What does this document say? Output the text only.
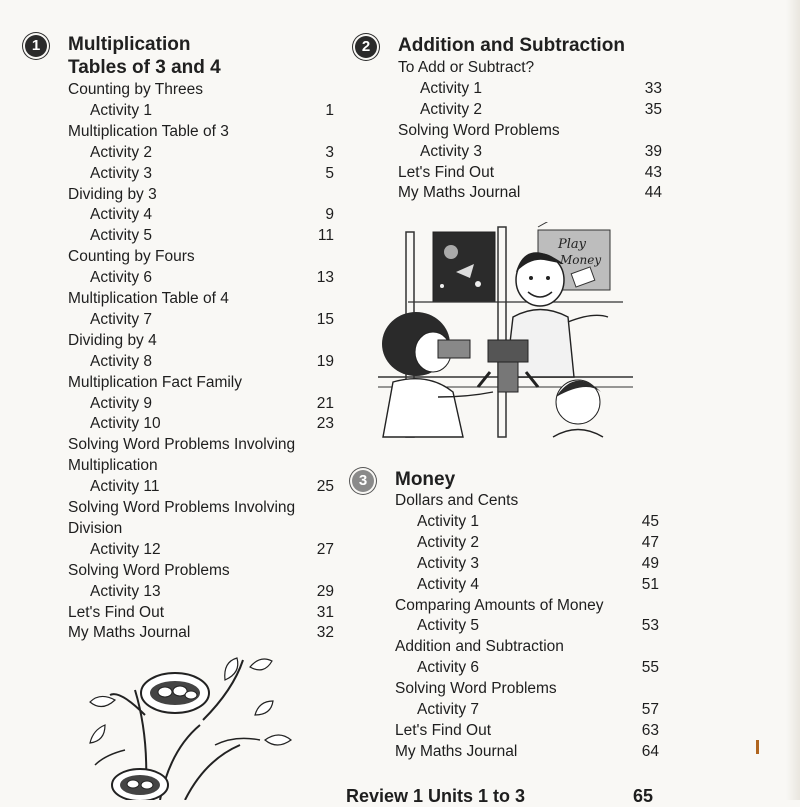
1	Multiplication
Tables of 3 and 4
Counting by Threes
Activity 1	1
Multiplication Table of 3
Activity 2	3
Activity 3	5
Dividing by 3
Activity 4	9
Activity 5	11
Counting by Fours
Activity 6	13
Multiplication Table of 4
Activity 7	15
Dividing by 4
Activity 8	19
Multiplication Fact Family
Activity 9	21
Activity 10	23
Solving Word Problems Involving
Multiplication
Activity 11	25
Solving Word Problems Involving
Division
Activity 12	27
Solving Word Problems
Activity 13	29
Let's Find Out	31
My Maths Journal	32
2	Addition and Subtraction
To Add or Subtract?
Activity 1	33
Activity 2	35
Solving Word Problems
Activity 3	39
Let's Find Out	43
My Maths Journal	44
3	Money
Dollars and Cents
Activity 1	45
Activity 2	47
Activity 3	49
Activity 4	51
Comparing Amounts of Money
Activity 5	53
Addition and Subtraction
Activity 6	55
Solving Word Problems
Activity 7	57
Let's Find Out	63
My Maths Journal	64
Review 1 Units 1 to 3	65
Play
Money
